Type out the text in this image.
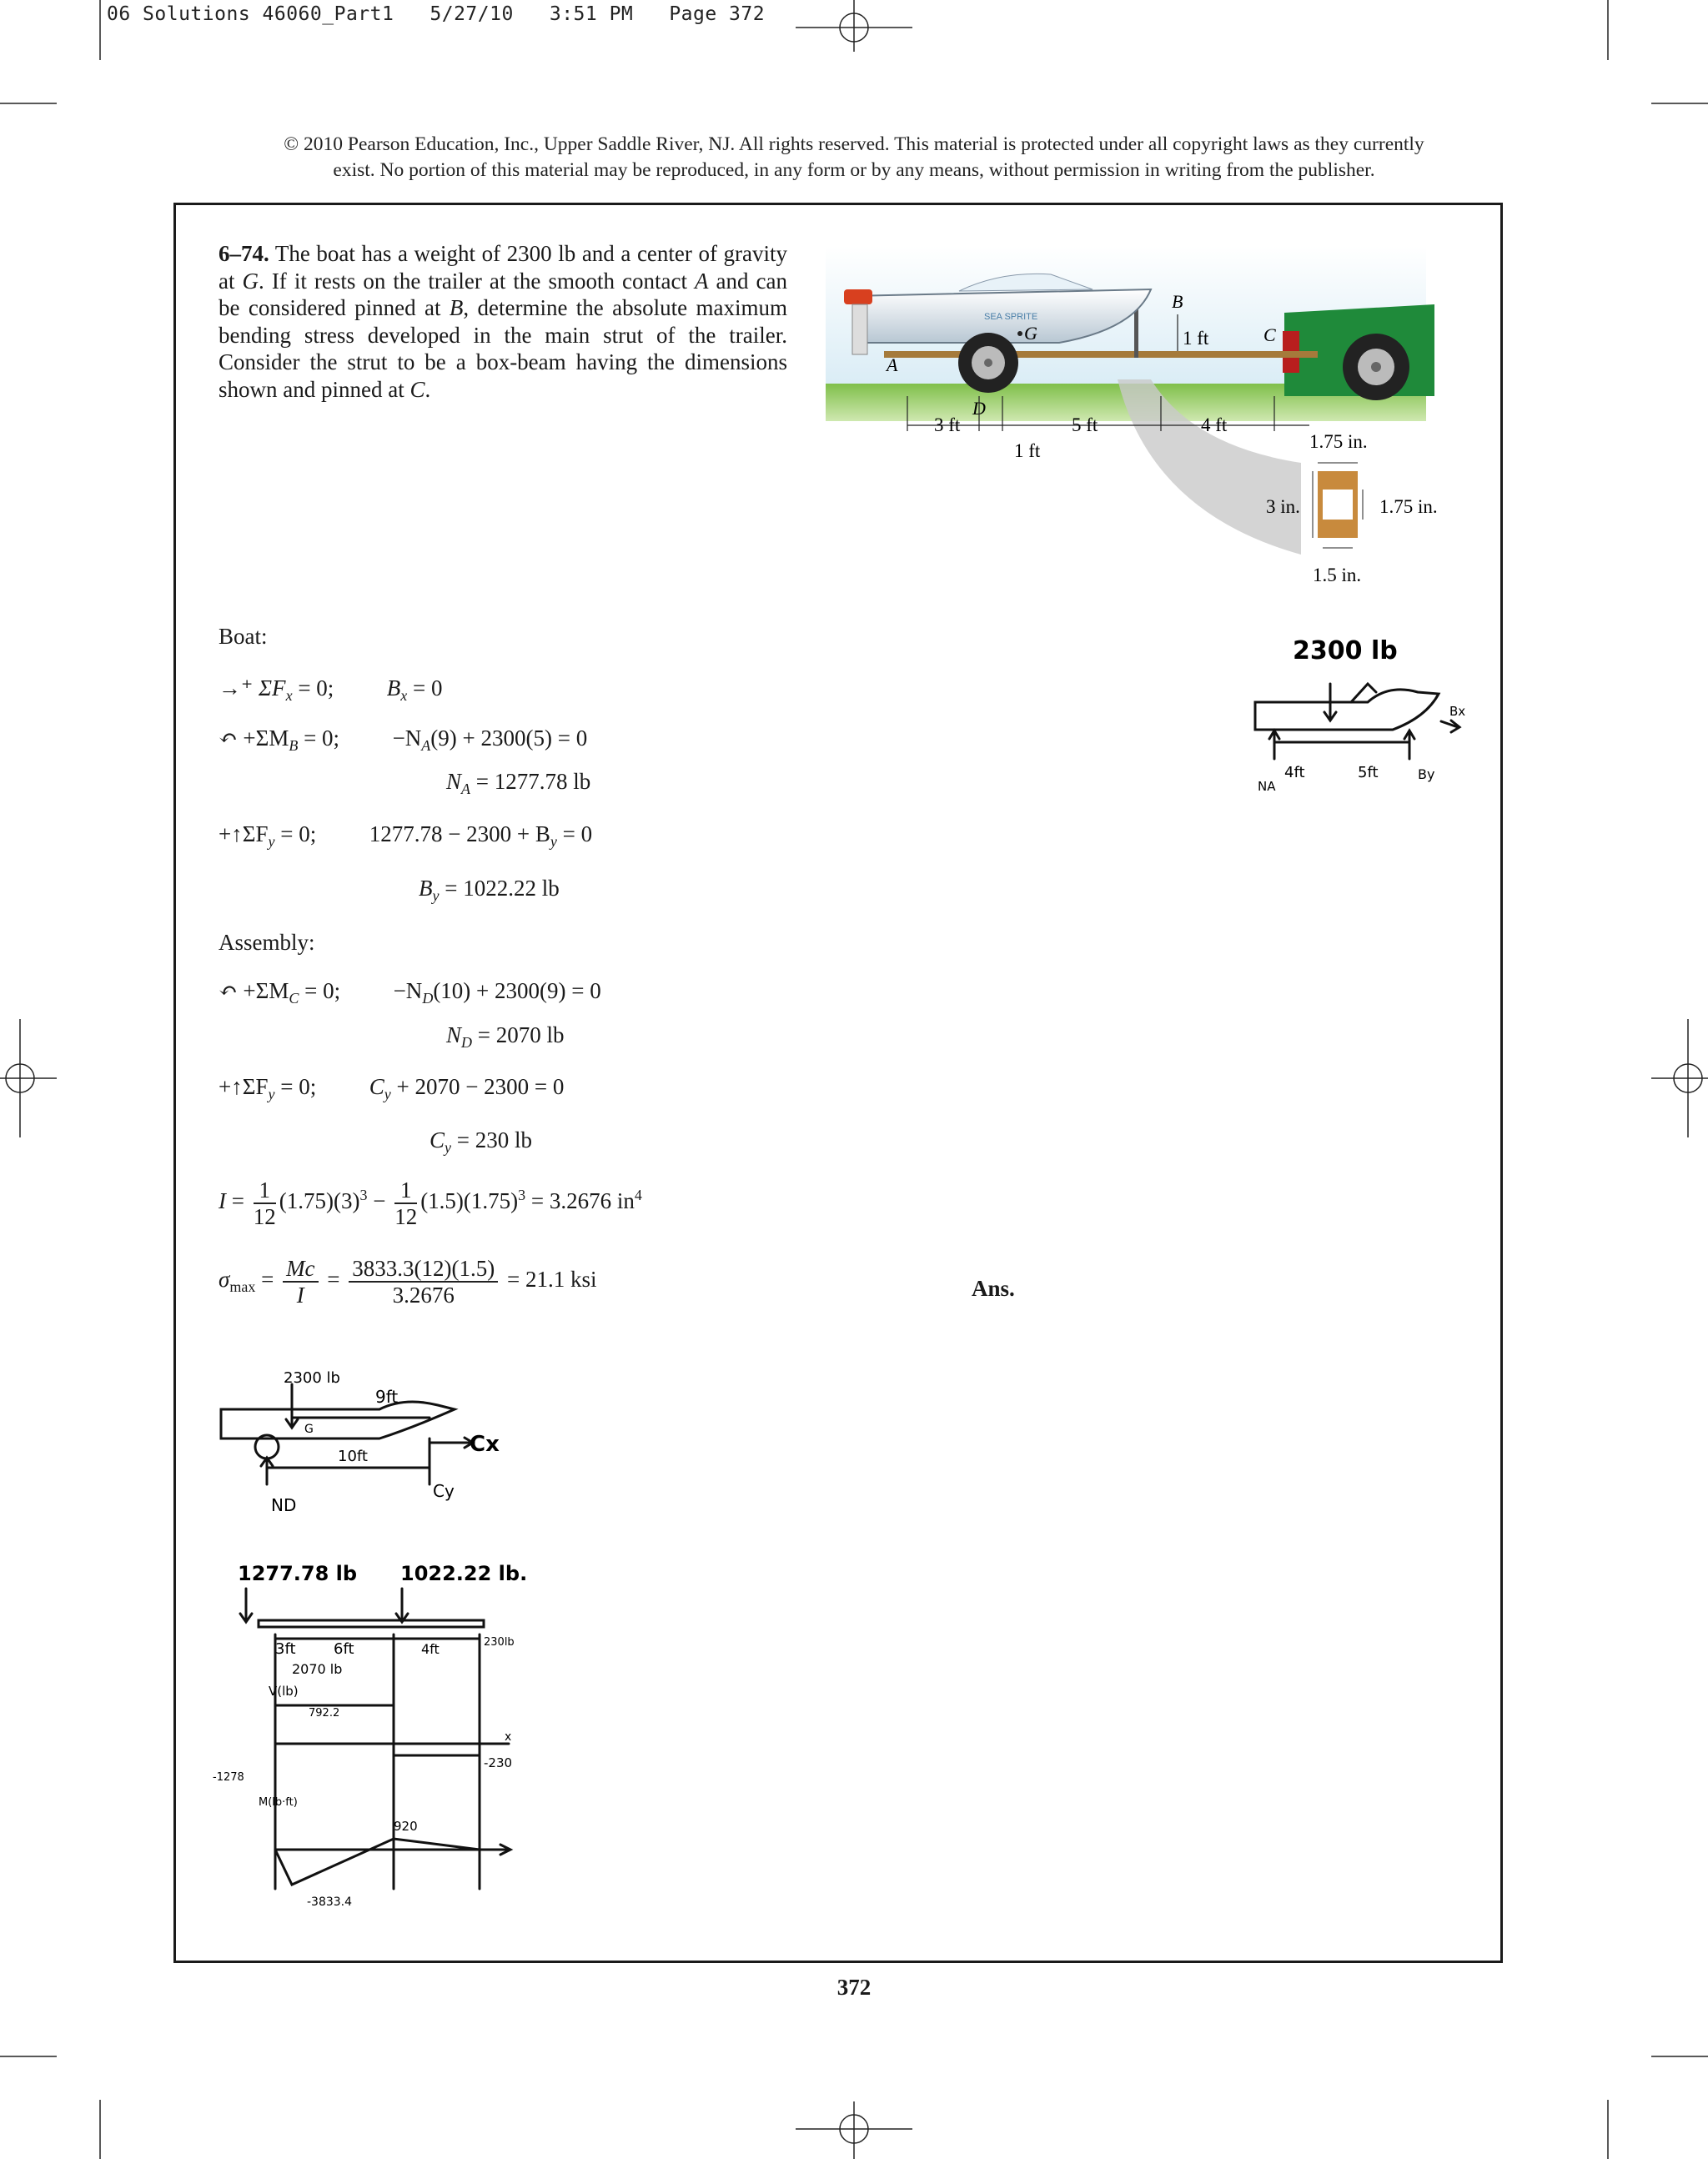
06 Solutions 46060_Part1   5/27/10   3:51 PM   Page 372
© 2010 Pearson Education, Inc., Upper Saddle River, NJ. All rights reserved. This material is protected under all copyright laws as they currently
exist. No portion of this material may be reproduced, in any form or by any means, without permission in writing from the publisher.
6–74. The boat has a weight of 2300 lb and a center of gravity at G. If it rests on the trailer at the smooth contact A and can be considered pinned at B, determine the absolute maximum bending stress developed in the main strut of the trailer. Consider the strut to be a box-beam having the dimensions shown and pinned at C.
SEA SPRITE
A
B
C
D
G	1 ft
3 ft
1 ft
5 ft	4 ft
1.75 in.
3 in.	1.75 in.
1.5 in.
Boat:
→⁺ $\Sigma F_x = 0$; $B_x = 0$
↶ $+\Sigma M_B = 0$; $-N_A(9) + 2300(5) = 0$
$N_A = 1277.78$ lb
$+↑\Sigma F_y = 0$; $1277.78 - 2300 + B_y = 0$
$B_y = 1022.22$ lb
Assembly:
↶ $+\Sigma M_C = 0$; $-N_D(10) + 2300(9) = 0$
$N_D = 2070$ lb
$+↑\Sigma F_y = 0$; $C_y + 2070 - 2300 = 0$
$C_y = 230$ lb
$I = \frac{1}{12} (1.75)(3)^3 - \frac{1}{12} (1.5)(1.75)^3 = 3.2676$ $in^4$
$\sigma_{max} = \frac{Mc}{I} = \frac{3833.3(12)(1.5)}{3.2676} = 21.1$ ksi	Ans.
2300 lb
4ft	5ft
NA
By
Bx
2300 lb
9ft
G
10ft	Cx
Cy
ND
1277.78 lb 1022.22 lb.
3ft	6ft	4ft	230lb
2070 lb
V(lb)
792.2
-230
x
-1278
M(lb·ft)
920
-3833.4
372
